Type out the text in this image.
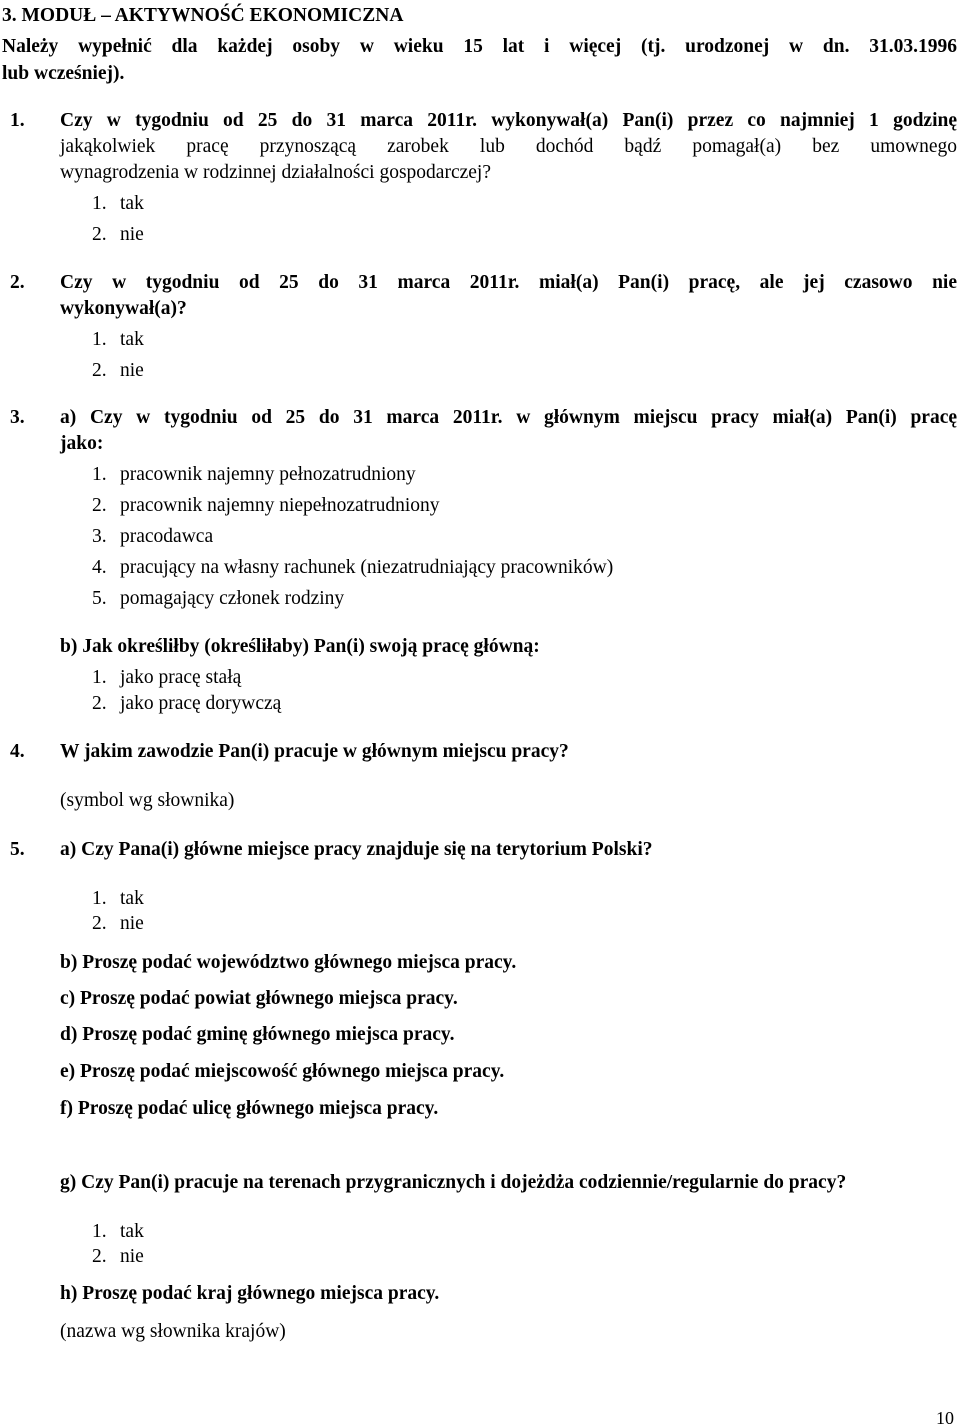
3. MODUŁ – AKTYWNOŚĆ EKONOMICZNA
Należy wypełnić dla każdej osoby w wieku 15 lat i więcej (tj. urodzonej w dn. 31.03.1996
lub wcześniej).
1. Czy w tygodniu od 25 do 31 marca 2011r. wykonywał(a) Pan(i) przez co najmniej 1 godzinę
jakąkolwiek pracę przynoszącą zarobek lub dochód bądź pomagał(a) bez umownego
wynagrodzenia w rodzinnej działalności gospodarczej?
1. tak
2. nie
2. Czy w tygodniu od 25 do 31 marca 2011r. miał(a) Pan(i) pracę, ale jej czasowo nie
wykonywał(a)?
1. tak
2. nie
3. a) Czy w tygodniu od 25 do 31 marca 2011r. w głównym miejscu pracy miał(a) Pan(i) pracę
jako:
1. pracownik najemny pełnozatrudniony
2. pracownik najemny niepełnozatrudniony
3. pracodawca
4. pracujący na własny rachunek (niezatrudniający pracowników)
5. pomagający członek rodziny
b) Jak określiłby (określiłaby) Pan(i) swoją pracę główną:
1. jako pracę stałą
2. jako pracę dorywczą
4. W jakim zawodzie Pan(i) pracuje w głównym miejscu pracy?
(symbol wg słownika)
5. a) Czy Pana(i) główne miejsce pracy znajduje się na terytorium Polski?
1. tak
2. nie
b) Proszę podać województwo głównego miejsca pracy.
c) Proszę podać powiat głównego miejsca pracy.
d) Proszę podać gminę głównego miejsca pracy.
e) Proszę podać miejscowość głównego miejsca pracy.
f) Proszę podać ulicę głównego miejsca pracy.
g) Czy Pan(i) pracuje na terenach przygranicznych i dojeżdża codziennie/regularnie do pracy?
1. tak
2. nie
h) Proszę podać kraj głównego miejsca pracy.
(nazwa wg słownika krajów)
10
